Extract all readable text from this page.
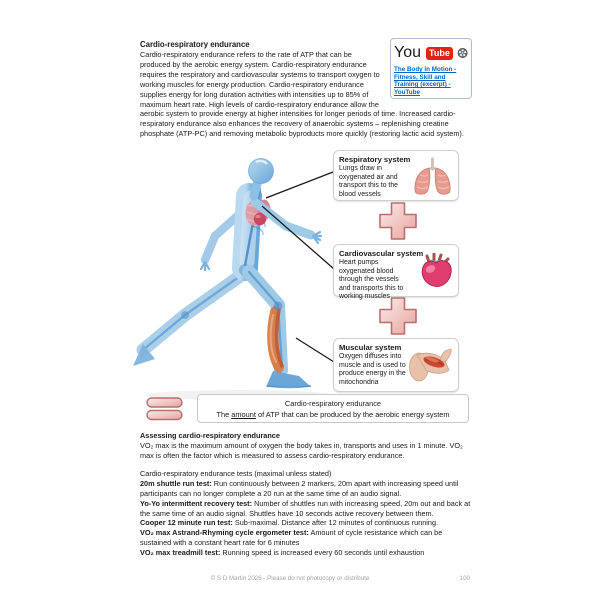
You Tube
The Body in Motion - Fitness, Skill and Training (excerpt) - YouTube
Cardio-respiratory endurance

Cardio-respiratory endurance refers to the rate of ATP that can be produced by the aerobic energy system. Cardio-respiratory endurance requires the respiratory and cardiovascular systems to transport oxygen to working muscles for energy production. Cardio-respiratory endurance supplies energy for long duration activities with intensities up to 85% of maximum heart rate. High levels of cardio-respiratory endurance allow the aerobic system to provide energy at higher intensities for longer periods of time. Increased cardio-respiratory endurance also enhances the recovery of anaerobic systems – replenishing creatine phosphate (ATP-PC) and removing metabolic byproducts more quickly (restoring lactic acid system).

Respiratory system

Lungs draw in oxygenated air and transport this to the blood vessels

Cardiovascular system

Heart pumps oxygenated blood through the vessels and transports this to working muscles

Muscular system

Oxygen diffuses into muscle and is used to produce energy in the mitochondria

Cardio-respiratory endurance
The amount of ATP that can be produced by the aerobic energy system

Assessing cardio-respiratory endurance

VO₂ max is the maximum amount of oxygen the body takes in, transports and uses in 1 minute. VO₂ max is often the factor which is measured to assess cardio-respiratory endurance.

Cardio-respiratory endurance tests (maximal unless stated)

20m shuttle run test: Run continuously between 2 markers, 20m apart with increasing speed until participants can no longer complete a 20 run at the same time of an audio signal.

Yo-Yo intermittent recovery test: Number of shuttles run with increasing speed, 20m out and back at the same time of an audio signal. Shuttles have 10 seconds active recovery between them.

Cooper 12 minute run test: Sub-maximal. Distance after 12 minutes of continuous running.

VO₂ max Astrand-Rhyming cycle ergometer test: Amount of cycle resistance which can be sustained with a constant heart rate for 6 minutes

VO₂ max treadmill test: Running speed is increased every 60 seconds until exhaustion

© S D Martin 2026 - Please do not photocopy or distribute	100
